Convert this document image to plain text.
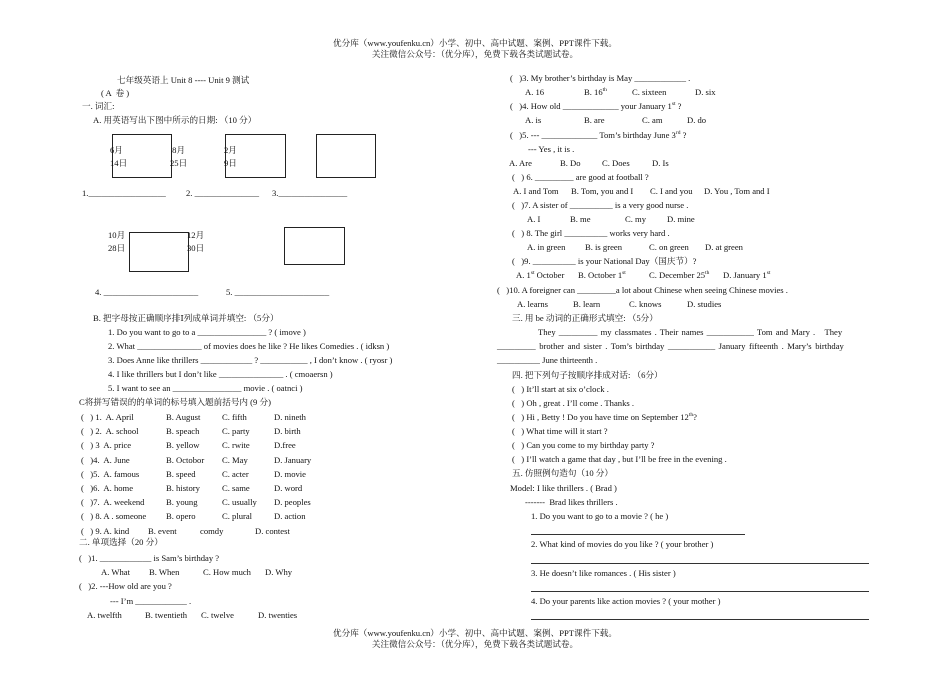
优分库（www.youfenku.cn）小学、初中、高中试题、案例、PPT课件下载。
关注微信公众号：（优分库），免费下载各类试题试卷。
七年级英语上 Unit 8 ---- Unit 9 测试
( A  卷 )
一. 词汇:
A. 用英语写出下图中所示的日期: （10 分）
6月
14日
8月
25日
2月
9日
1.__________________ 2. _______________ 3.________________
10月
28日
12月
30日
4. ______________________	5. ______________________
B. 把字母按正确顺序排Ⅰ列成单词并填空: （5分）
1. Do you want to go to a ________________ ? ( imove )
2. What _______________ of movies does he like ? He likes Comedies . ( idksn )
3. Does Anne like thrillers ____________ ? ___________ , I don’t know . ( ryosr )
4. I like thrillers but I don’t like _______________ . ( cmoaersn )
5. I want to see an ________________ movie . ( oatnci )
C将拼写错误的的单词的标号填入题前括号内 (9 分)
(   ) 1.  A. April	B. August	C. fifth	D. nineth
(   ) 2.  A. school	B. speach	C. party	D. birth
(   ) 3  A. price	B. yellow	C. rwite	D.free
(   )4.  A. June	B. Octobor C. May	D. January
(   )5.  A. famous	B. speed	C. acter	D. movie
(   )6.  A. home	B. history	C. same	D. word
(   )7.  A. weekend	B. young	C. usually D. peoples
(   ) 8. A . someone B. opero	C. plural	D. action
(   ) 9. A. kind B. event	comdy	D. contest
二. 单项选择（20 分）
(   )1. ____________ is Sam’s birthday ?
A. What B. When	C. How much D. Why
(   )2. ---How old are you ?
--- I’m ____________ .
A. twelfth	B. twentieth C. twelve	D. twenties
(   )3. My brother’s birthday is May ____________ .
A. 16	B. 16th	C. sixteen	D. six
(   )4. How old _____________ your January 1st ?
A. is	B. are	C. am	D. do
(   )5. --- _____________ Tom’s birthday June 3rd ?
--- Yes , it is .
A. Are	B. Do C. Does	D. Is
(   ) 6. _________ are good at football ?
A. I and Tom B. Tom, you and I C. I and you D. You , Tom and I
(   )7. A sister of __________ is a very good nurse .
A. I	B. me	C. my D. mine
(   ) 8. The girl __________ works very hard .
A. in green B. is green	C. on green D. at green
(   )9. __________ is your National Day（国庆节）?
A. 1st October B. October 1st	C. December 25th D. January 1st
(   )10. A foreigner can _________a lot about Chinese when seeing Chinese movies .
A. learns	B. learn	C. knows	D. studies
三. 用 be 动词的正确形式填空: （5分）
They _________ my classmates . Their names ___________ Tom and Mary .   They
_________ brother and sister . Tom’s birthday ___________ January fifteenth . Mary’s birthday
__________ June thirteenth .
四. 把下列句子按顺序排成对话: （6分）
(   ) It’ll start at six o’clock .
(   ) Oh , great . I’ll come . Thanks .
(   ) Hi , Betty ! Do you have time on September 12th?
(   ) What time will it start ?
(   ) Can you come to my birthday party ?
(   ) I’ll watch a game that day , but I’ll be free in the evening .
五. 仿照例句造句（10 分）
Model: I like thrillers . ( Brad )
-------  Brad likes thrillers .
1. Do you want to go to a movie ? ( he )
2. What kind of movies do you like ? ( your brother )
3. He doesn’t like romances . ( His sister )
4. Do your parents like action movies ? ( your mother )
优分库（www.youfenku.cn）小学、初中、高中试题、案例、PPT课件下载。
关注微信公众号：（优分库），免费下载各类试题试卷。
